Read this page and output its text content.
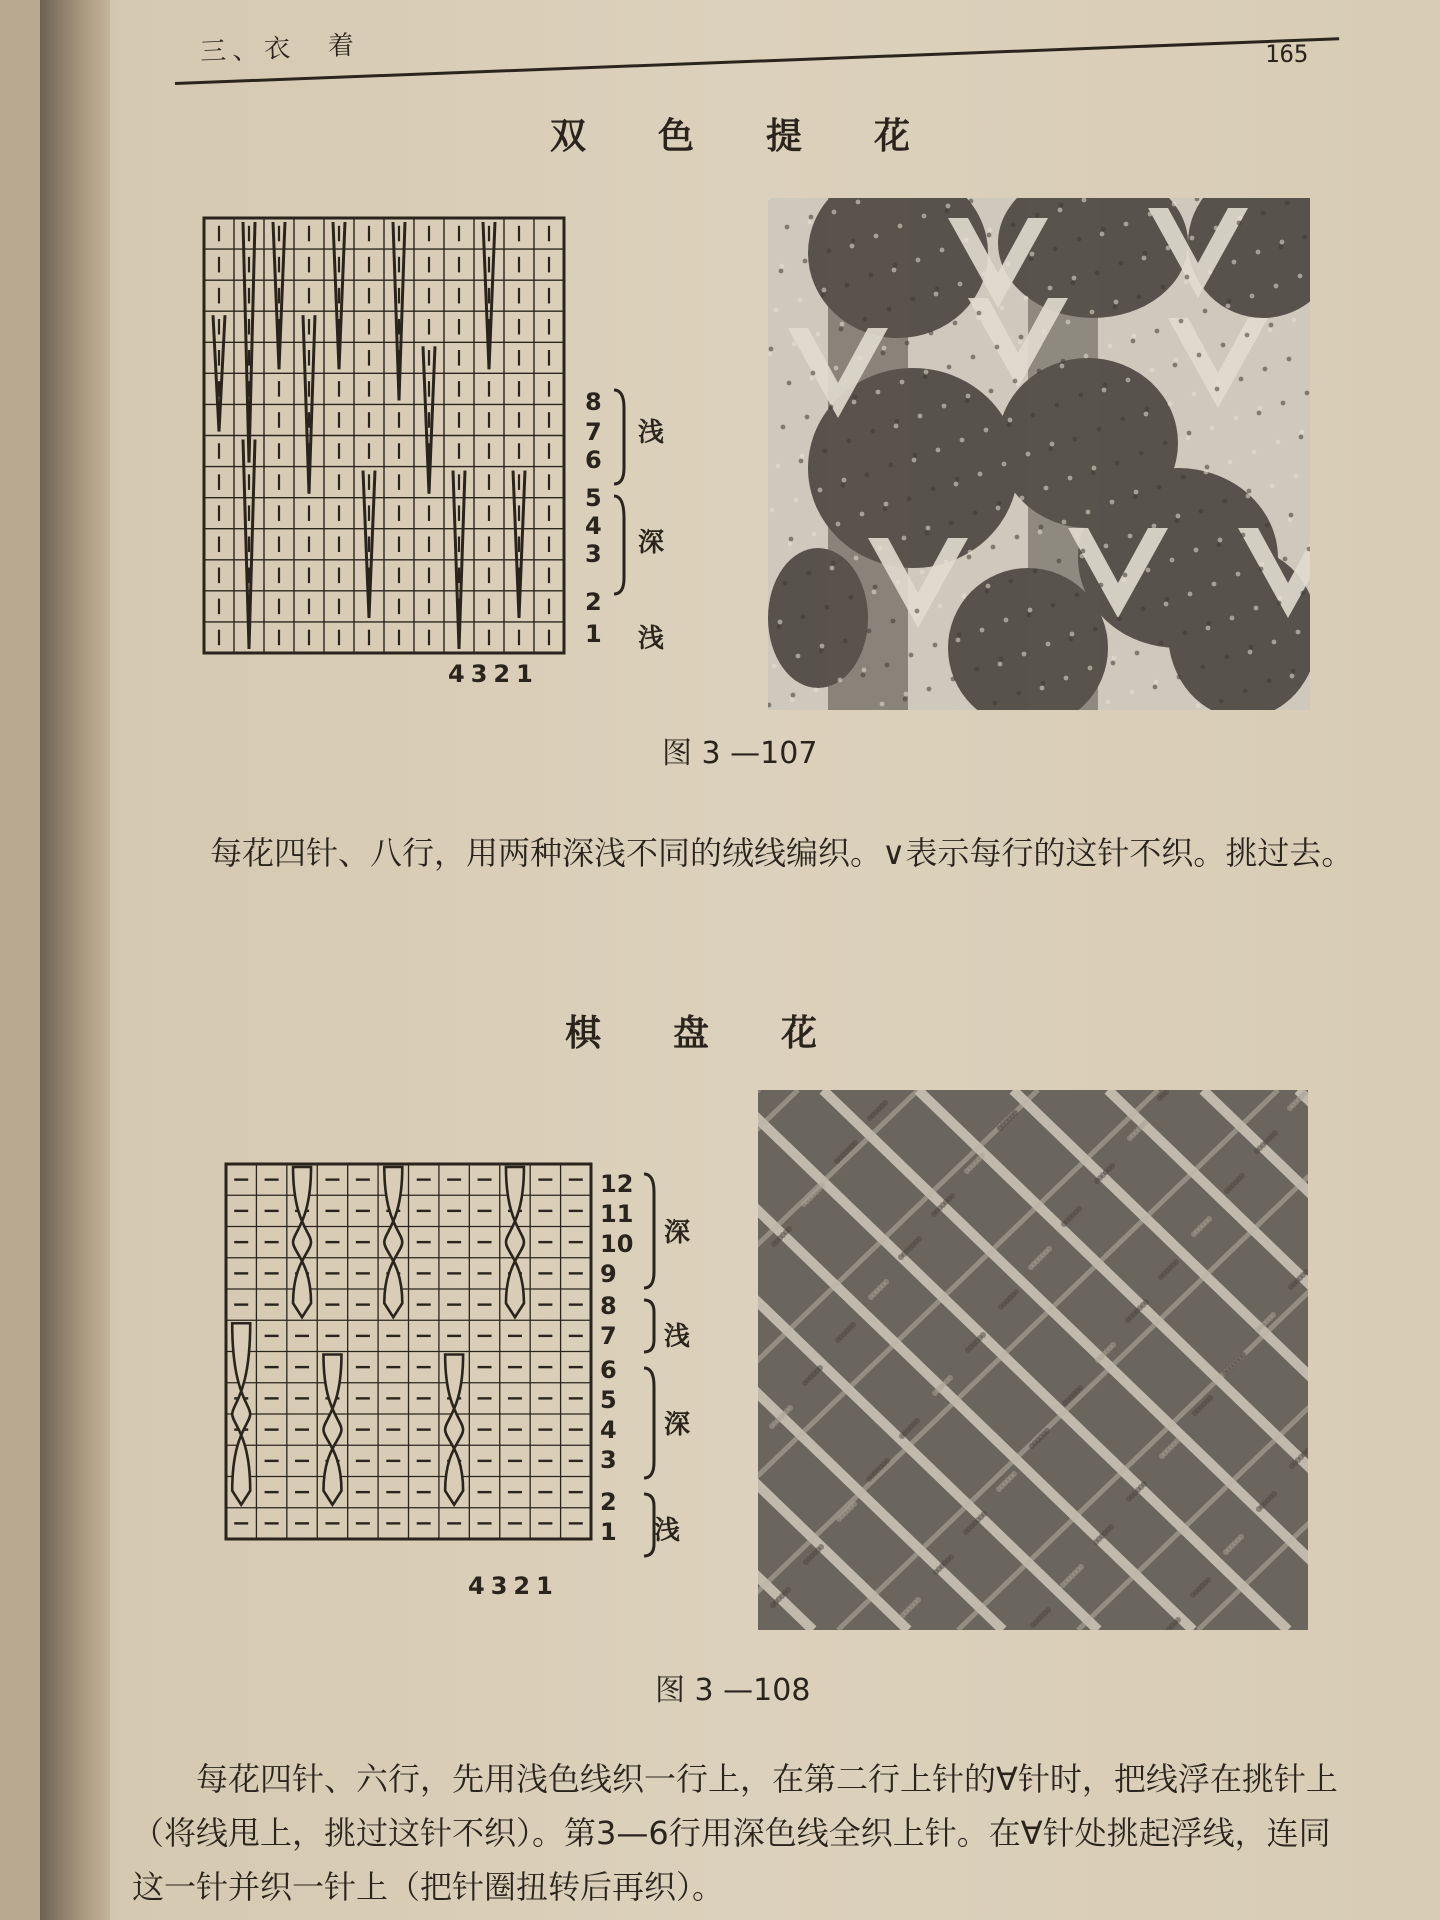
三、衣　着	165
双色提花
8
7
6
5
4
3
2
1
浅
深
浅
4321
图 3 —107
每花四针、八行，用两种深浅不同的绒线编织。∨表示每行的这针不织。挑过去。
棋盘花
12
11
10
9
8
7
6
5
4
3
2
1
深
浅
深
浅
4321
图 3 —108
每花四针、六行，先用浅色线织一行上，在第二行上针的∀针时，把线浮在挑针上（将线甩上，挑过这针不织）。第3—6行用深色线全织上针。在∀针处挑起浮线，连同这一针并织一针上（把针圈扭转后再织）。
